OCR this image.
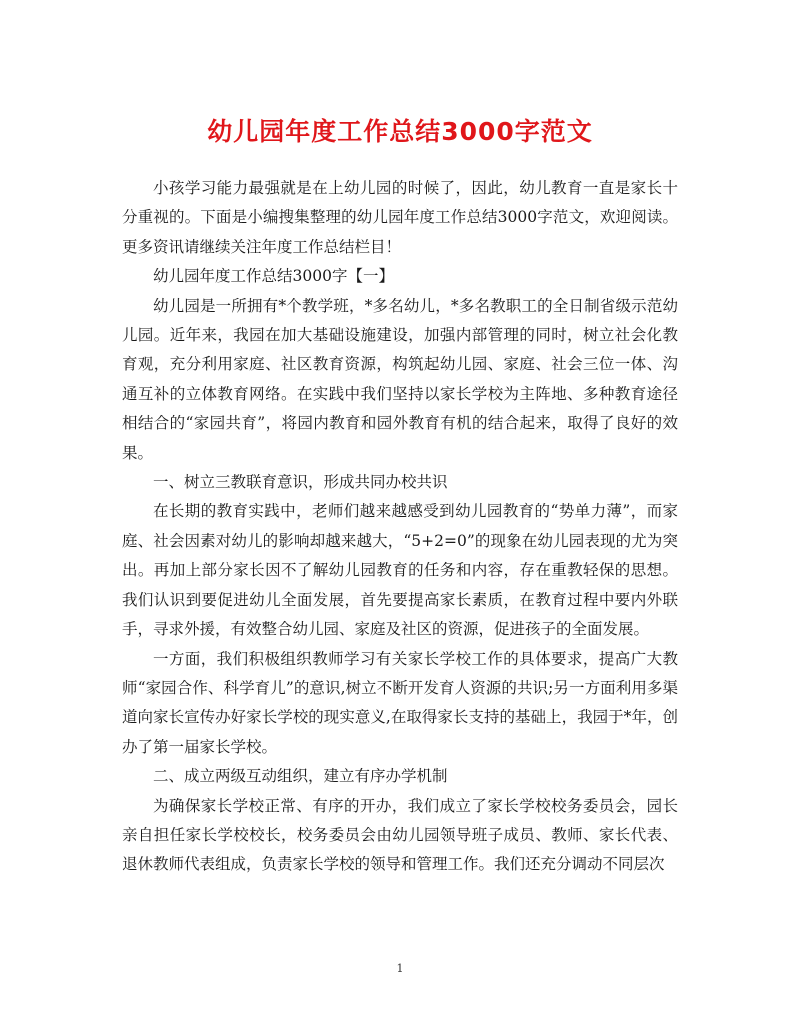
幼儿园年度工作总结3000字范文

小孩学习能力最强就是在上幼儿园的时候了，因此，幼儿教育一直是家长十分重视的。下面是小编搜集整理的幼儿园年度工作总结3000字范文，欢迎阅读。更多资讯请继续关注年度工作总结栏目！

幼儿园年度工作总结3000字【一】

幼儿园是一所拥有*个教学班，*多名幼儿，*多名教职工的全日制省级示范幼儿园。近年来，我园在加大基础设施建设，加强内部管理的同时，树立社会化教育观，充分利用家庭、社区教育资源，构筑起幼儿园、家庭、社会三位一体、沟通互补的立体教育网络。在实践中我们坚持以家长学校为主阵地、多种教育途径相结合的“家园共育”，将园内教育和园外教育有机的结合起来，取得了良好的效果。

一、树立三教联育意识，形成共同办校共识

在长期的教育实践中，老师们越来越感受到幼儿园教育的“势单力薄”，而家庭、社会因素对幼儿的影响却越来越大，“5+2=0”的现象在幼儿园表现的尤为突出。再加上部分家长因不了解幼儿园教育的任务和内容，存在重教轻保的思想。我们认识到要促进幼儿全面发展，首先要提高家长素质，在教育过程中要内外联手，寻求外援，有效整合幼儿园、家庭及社区的资源，促进孩子的全面发展。

一方面，我们积极组织教师学习有关家长学校工作的具体要求，提高广大教师“家园合作、科学育儿”的意识,树立不断开发育人资源的共识;另一方面利用多渠道向家长宣传办好家长学校的现实意义,在取得家长支持的基础上，我园于*年，创办了第一届家长学校。

二、成立两级互动组织，建立有序办学机制

为确保家长学校正常、有序的开办，我们成立了家长学校校务委员会，园长亲自担任家长学校校长，校务委员会由幼儿园领导班子成员、教师、家长代表、退休教师代表组成，负责家长学校的领导和管理工作。我们还充分调动不同层次

1
